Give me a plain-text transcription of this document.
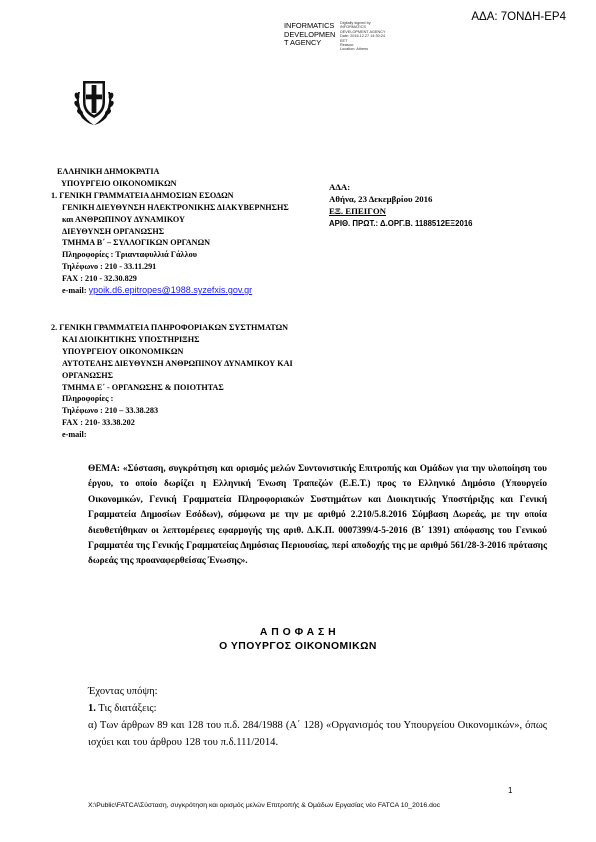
ΑΔΑ: 7ΟΝΔΗ-ΕΡ4
INFORMATICS
DEVELOPMEN
T AGENCY
Digitally signed by
INFORMATICS
DEVELOPMENT AGENCY
Date: 2016.12.27 14:30:24
EET
Reason:
Location: Athens
ΕΛΛΗΝΙΚΗ ΔΗΜΟΚΡΑΤΙΑ
ΥΠΟΥΡΓΕΙΟ ΟΙΚΟΝΟΜΙΚΩΝ
1. ΓΕΝΙΚΗ ΓΡΑΜΜΑΤΕΙΑ ΔΗΜΟΣΙΩΝ ΕΣΟΔΩΝ
ΓΕΝΙΚΗ ΔΙΕΥΘΥΝΣΗ ΗΛΕΚΤΡΟΝΙΚΗΣ ΔΙΑΚΥΒΕΡΝΗΣΗΣ
και ΑΝΘΡΩΠΙΝΟΥ ΔΥΝΑΜΙΚΟΥ
ΔΙΕΥΘΥΝΣΗ ΟΡΓΑΝΩΣΗΣ
ΤΜΗΜΑ Β΄ – ΣΥΛΛΟΓΙΚΩΝ ΟΡΓΑΝΩΝ
Πληροφορίες : Τριανταφυλλιά Γάλλου
Τηλέφωνο : 210 - 33.11.291
FAX : 210 - 32.30.829
e-mail: ypoik.d6.epitropes@1988.syzefxis.gov.gr
ΑΔΑ:
Αθήνα, 23 Δεκεμβρίου 2016
ΕΞ. ΕΠΕΙΓΟΝ
ΑΡΙΘ. ΠΡΩΤ.: Δ.ΟΡΓ.Β. 1188512ΕΞ2016
2. ΓΕΝΙΚΗ ΓΡΑΜΜΑΤΕΙΑ ΠΛΗΡΟΦΟΡΙΑΚΩΝ ΣΥΣΤΗΜΑΤΩΝ
ΚΑΙ ΔΙΟΙΚΗΤΙΚΗΣ ΥΠΟΣΤΗΡΙΞΗΣ
ΥΠΟΥΡΓΕΙΟΥ ΟΙΚΟΝΟΜΙΚΩΝ
ΑΥΤΟΤΕΛΗΣ ΔΙΕΥΘΥΝΣΗ ΑΝΘΡΩΠΙΝΟΥ ΔΥΝΑΜΙΚΟΥ ΚΑΙ
ΟΡΓΑΝΩΣΗΣ
ΤΜΗΜΑ Ε΄ - ΟΡΓΑΝΩΣΗΣ & ΠΟΙΟΤΗΤΑΣ
Πληροφορίες :
Τηλέφωνο : 210 – 33.38.283
FAX : 210- 33.38.202
e-mail:
ΘΕΜΑ: «Σύσταση, συγκρότηση και ορισμός μελών Συντονιστικής Επιτροπής και Ομάδων για την υλοποίηση του έργου, το οποίο δωρίζει η Ελληνική Ένωση Τραπεζών (Ε.Ε.Τ.) προς το Ελληνικό Δημόσιο (Υπουργείο Οικονομικών, Γενική Γραμματεία Πληροφοριακών Συστημάτων και Διοικητικής Υποστήριξης και Γενική Γραμματεία Δημοσίων Εσόδων), σύμφωνα με την με αριθμό 2.210/5.8.2016 Σύμβαση Δωρεάς, με την οποία διευθετήθηκαν οι λεπτομέρειες εφαρμογής της αριθ. Δ.Κ.Π. 0007399/4-5-2016 (Β΄ 1391) απόφασης του Γενικού Γραμματέα της Γενικής Γραμματείας Δημόσιας Περιουσίας, περί αποδοχής της με αριθμό 561/28-3-2016 πρότασης δωρεάς της προαναφερθείσας Ένωσης».
Α Π Ο Φ Α Σ Η
Ο ΥΠΟΥΡΓΟΣ ΟΙΚΟΝΟΜΙΚΩΝ
Έχοντας υπόψη:
1. Τις διατάξεις:
α) Των άρθρων 89 και 128 του π.δ. 284/1988 (Α΄ 128) «Οργανισμός του Υπουργείου Οικονομικών», όπως ισχύει και του άρθρου 128 του π.δ.111/2014.
1
X:\Public\FATCA\Σύσταση, συγκρότηση και ορισμός μελών Επιτροπής & Ομάδων Εργασίας νέο FATCA 10_2016.doc
